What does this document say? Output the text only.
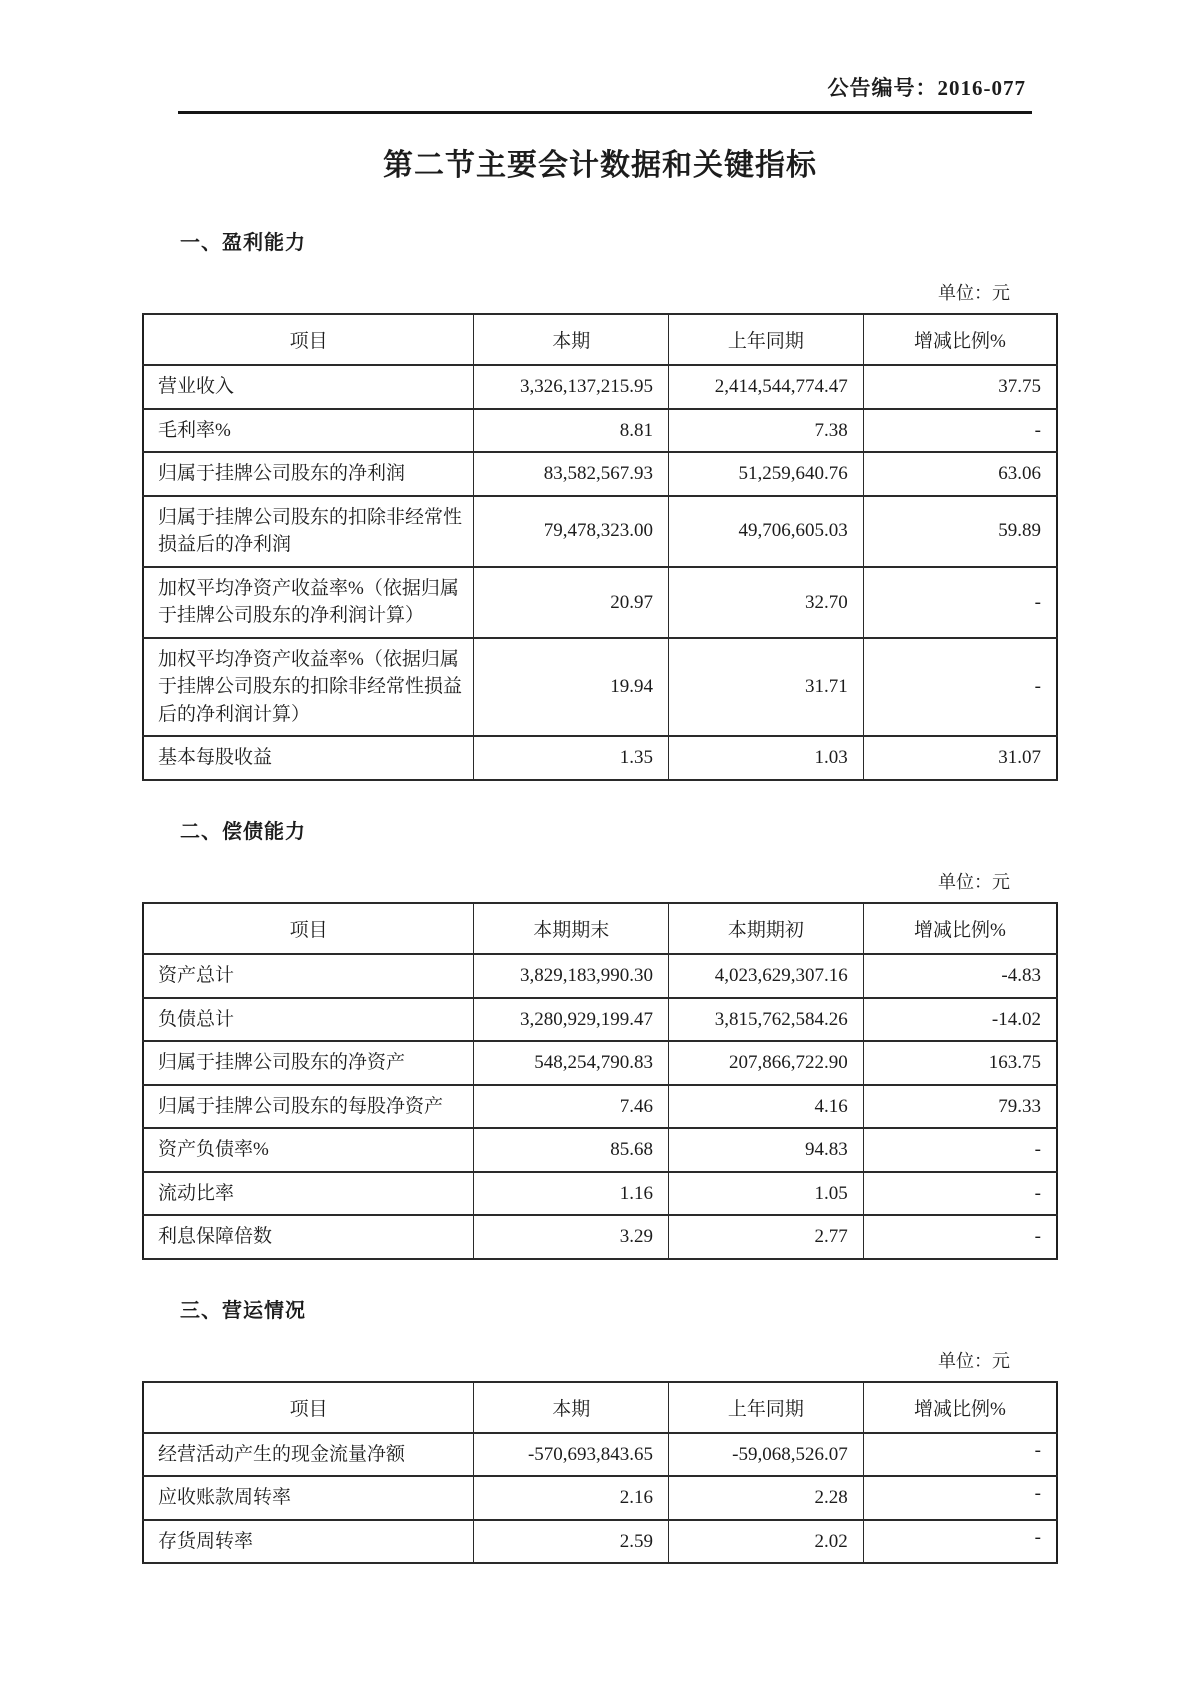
公告编号：2016-077
第二节主要会计数据和关键指标
一、盈利能力
单位：元
项目	本期	上年同期	增减比例%
营业收入	3,326,137,215.95	2,414,544,774.47	37.75
毛利率%	8.81	7.38	-
归属于挂牌公司股东的净利润	83,582,567.93	51,259,640.76	63.06
归属于挂牌公司股东的扣除非经常性损益后的净利润	79,478,323.00	49,706,605.03	59.89
加权平均净资产收益率%（依据归属于挂牌公司股东的净利润计算）	20.97	32.70	-
加权平均净资产收益率%（依据归属于挂牌公司股东的扣除非经常性损益后的净利润计算）	19.94	31.71	-
基本每股收益	1.35	1.03	31.07
二、偿债能力
单位：元
项目	本期期末	本期期初	增减比例%
资产总计	3,829,183,990.30	4,023,629,307.16	-4.83
负债总计	3,280,929,199.47	3,815,762,584.26	-14.02
归属于挂牌公司股东的净资产	548,254,790.83	207,866,722.90	163.75
归属于挂牌公司股东的每股净资产	7.46	4.16	79.33
资产负债率%	85.68	94.83	-
流动比率	1.16	1.05	-
利息保障倍数	3.29	2.77	-
三、营运情况
单位：元
项目	本期	上年同期	增减比例%
经营活动产生的现金流量净额	-570,693,843.65	-59,068,526.07	-
应收账款周转率	2.16	2.28	-
存货周转率	2.59	2.02	-
